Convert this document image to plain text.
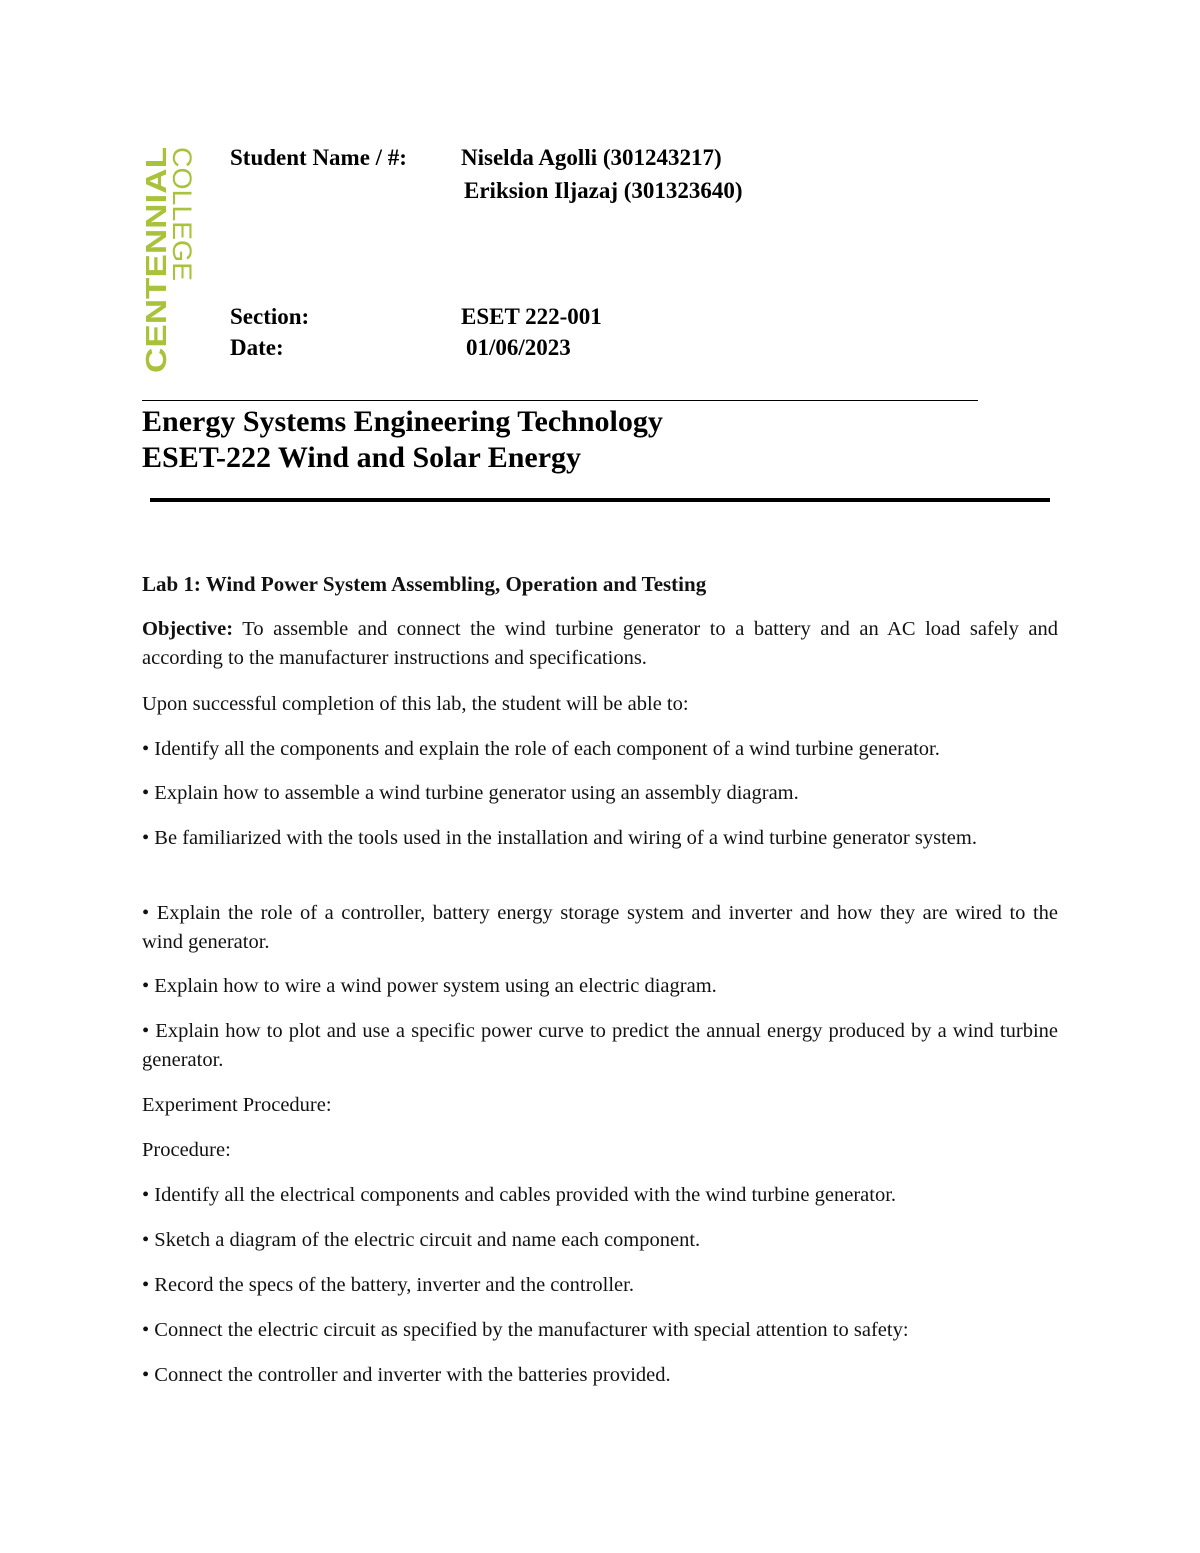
CENTENNIAL
COLLEGE Student Name / #: Niselda Agolli (301243217)
Eriksion Iljazaj (301323640)
Section:	ESET 222-001
Date:	01/06/2023
Energy Systems Engineering Technology
ESET-222 Wind and Solar Energy
Lab 1: Wind Power System Assembling, Operation and Testing
Objective: To assemble and connect the wind turbine generator to a battery and an AC load safely and according to the manufacturer instructions and specifications.
Upon successful completion of this lab, the student will be able to:
• Identify all the components and explain the role of each component of a wind turbine generator.
• Explain how to assemble a wind turbine generator using an assembly diagram.
• Be familiarized with the tools used in the installation and wiring of a wind turbine generator system.
• Explain the role of a controller, battery energy storage system and inverter and how they are wired to the wind generator.
• Explain how to wire a wind power system using an electric diagram.
• Explain how to plot and use a specific power curve to predict the annual energy produced by a wind turbine generator.
Experiment Procedure:
Procedure:
• Identify all the electrical components and cables provided with the wind turbine generator.
• Sketch a diagram of the electric circuit and name each component.
• Record the specs of the battery, inverter and the controller.
• Connect the electric circuit as specified by the manufacturer with special attention to safety:
• Connect the controller and inverter with the batteries provided.
